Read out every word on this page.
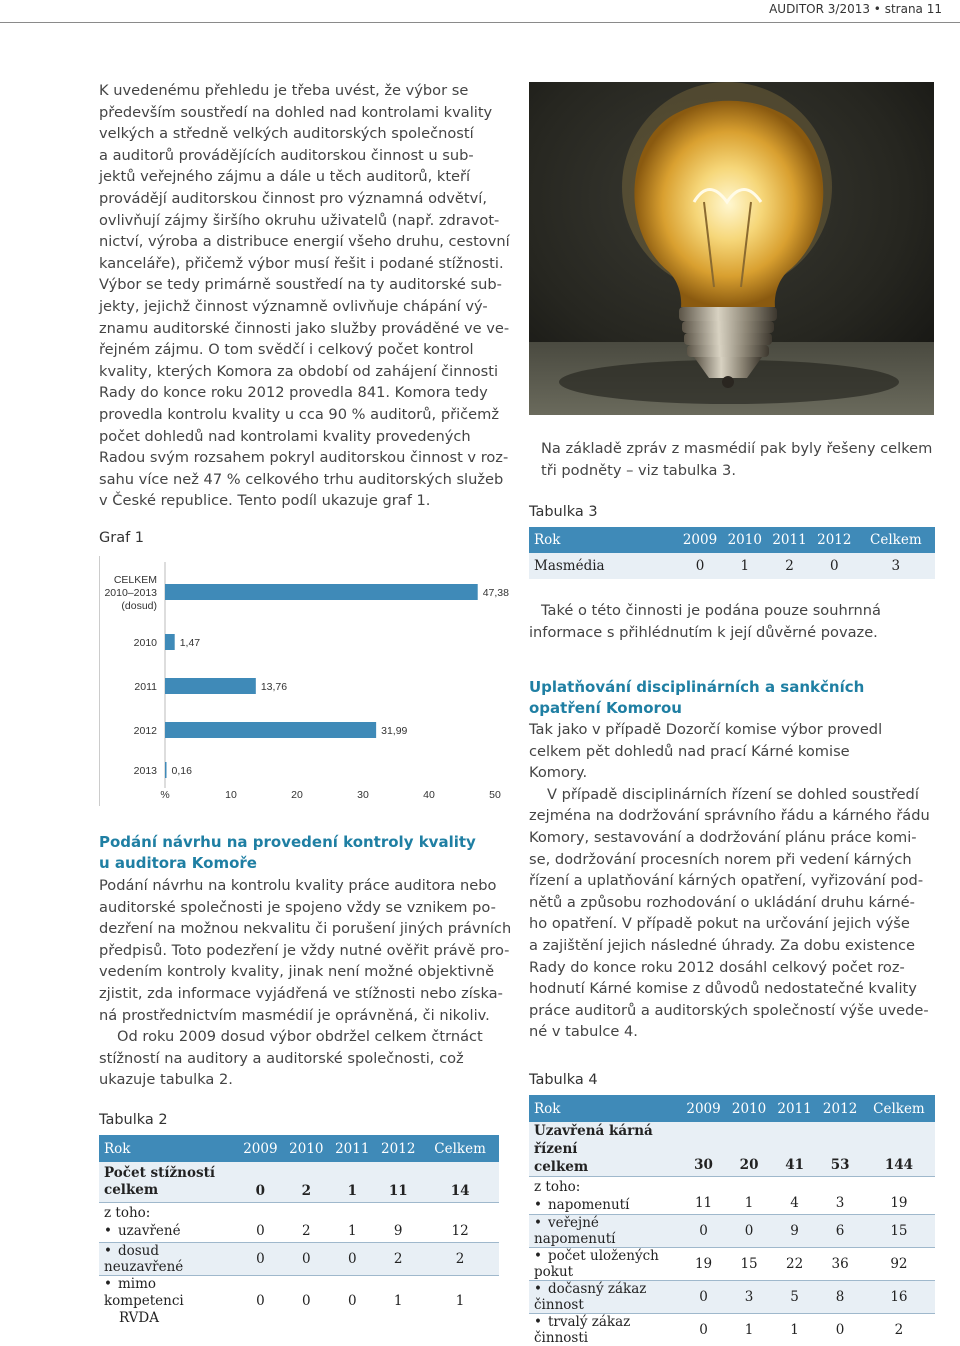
AUDITOR 3/2013 • strana 11

K uvedenému přehledu je třeba uvést, že výbor se
především soustředí na dohled nad kontrolami kvality
velkých a středně velkých auditorských společností
a auditorů provádějících auditorskou činnost u sub-
jektů veřejného zájmu a dále u těch auditorů, kteří
provádějí auditorskou činnost pro významná odvětví,
ovlivňují zájmy širšího okruhu uživatelů (např. zdravot-
nictví, výroba a distribuce energií všeho druhu, cestovní
kanceláře), přičemž výbor musí řešit i podané stížnosti.
Výbor se tedy primárně soustředí na ty auditorské sub-
jekty, jejichž činnost významně ovlivňuje chápání vý-
znamu auditorské činnosti jako služby prováděné ve ve-
řejném zájmu. O tom svědčí i celkový počet kontrol
kvality, kterých Komora za období od zahájení činnosti
Rady do konce roku 2012 provedla 841. Komora tedy
provedla kontrolu kvality u cca 90 % auditorů, přičemž
počet dohledů nad kontrolami kvality provedených
Radou svým rozsahem pokryl auditorskou činnost v roz-
sahu více než 47 % celkového trhu auditorských služeb
v České republice. Tento podíl ukazuje graf 1.

Graf 1
47,38
CELKEM
2010–2013
(dosud)
1,47
2010
13,76
2011
31,99
2012
0,16
2013
%	10	20	30	40	50

Na základě zpráv z masmédií pak byly řešeny celkem
tři podněty – viz tabulka 3.

Tabulka 3
Rok	2009	2010	2011	2012	Celkem
Masmédia	0	1	2	0	3

Také o této činnosti je podána pouze souhrnná
informace s přihlédnutím k její důvěrné povaze.

Podání návrhu na provedení kontroly kvality
u auditora Komoře

Podání návrhu na kontrolu kvality práce auditora nebo
auditorské společnosti je spojeno vždy se vznikem po-
dezření na možnou nekvalitu či porušení jiných právních
předpisů. Toto podezření je vždy nutné ověřit právě pro-
vedením kontroly kvality, jinak není možné objektivně
zjistit, zda informace vyjádřená ve stížnosti nebo získa-
ná prostřednictvím masmédií je oprávněná, či nikoliv.
Od roku 2009 dosud výbor obdržel celkem čtrnáct
stížností na auditory a auditorské společnosti, což
ukazuje tabulka 2.

Tabulka 2
Rok	2009	2010	2011	2012	Celkem

Počet stížností
celkem	0	2	1	11	14

z toho:
• uzavřené	0	2	1	9	12
• dosud neuzavřené	0	0	0	2	2

• mimo kompetenci
RVDA	0	0	0	1	1

Uplatňování disciplinárních a sankčních
opatření Komorou

Tak jako v případě Dozorčí komise výbor provedl
celkem pět dohledů nad prací Kárné komise
Komory.
V případě disciplinárních řízení se dohled soustředí
zejména na dodržování správního řádu a kárného řádu
Komory, sestavování a dodržování plánu práce komi-
se, dodržování procesních norem při vedení kárných
řízení a uplatňování kárných opatření, vyřizování pod-
nětů a způsobu rozhodování o ukládání druhu kárné-
ho opatření. V případě pokut na určování jejich výše
a zajištění jejich následné úhrady. Za dobu existence
Rady do konce roku 2012 dosáhl celkový počet roz-
hodnutí Kárné komise z důvodů nedostatečné kvality
práce auditorů a auditorských společností výše uvede-
né v tabulce 4.

Tabulka 4
Rok	2009	2010	2011	2012	Celkem

Uzavřená kárná řízení
celkem	30	20	41	53	144

z toho:
• napomenutí	11	1	4	3	19
• veřejné napomenutí	0	0	9	6	15
• počet uložených pokut	19	15	22	36	92
• dočasný zákaz činnost	0	3	5	8	16
• trvalý zákaz činnosti	0	1	1	0	2
